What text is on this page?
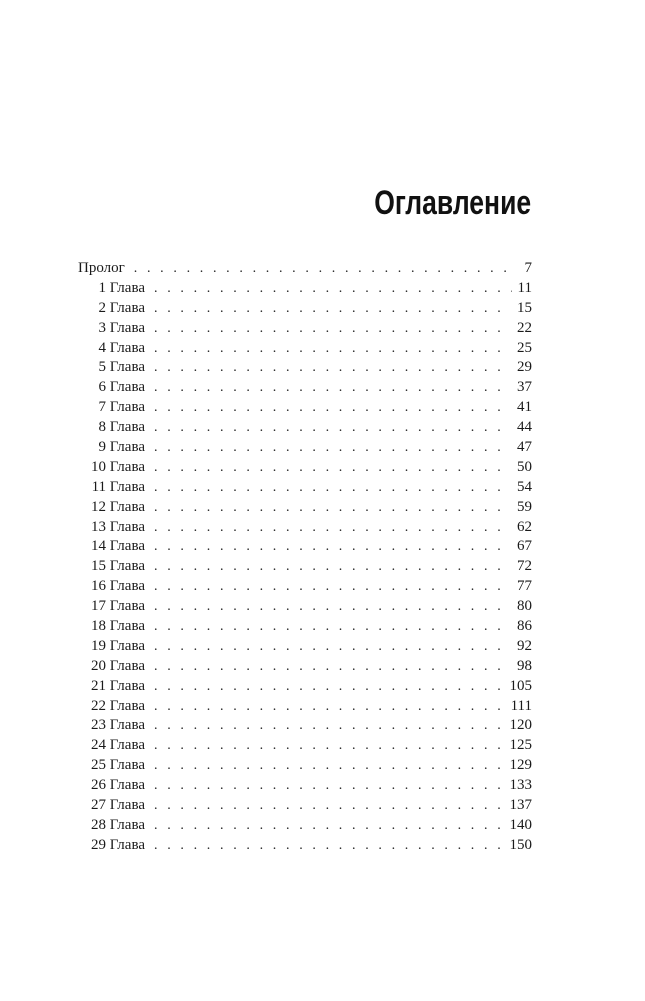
Оглавление
Пролог . . .	7
1 Глава . . .	11
2 Глава . . .	15
3 Глава . . .	22
4 Глава . . .	25
5 Глава . . .	29
6 Глава . . .	37
7 Глава . . .	41
8 Глава . . .	44
9 Глава . . .	47
10 Глава . . .	50
11 Глава . . .	54
12 Глава . . .	59
13 Глава . . .	62
14 Глава . . .	67
15 Глава . . .	72
16 Глава . . .	77
17 Глава . . .	80
18 Глава . . .	86
19 Глава . . .	92
20 Глава . . .	98
21 Глава . . .	105
22 Глава . . .	111
23 Глава . . .	120
24 Глава . . .	125
25 Глава . . .	129
26 Глава . . .	133
27 Глава . . .	137
28 Глава . . .	140
29 Глава . . .	150
